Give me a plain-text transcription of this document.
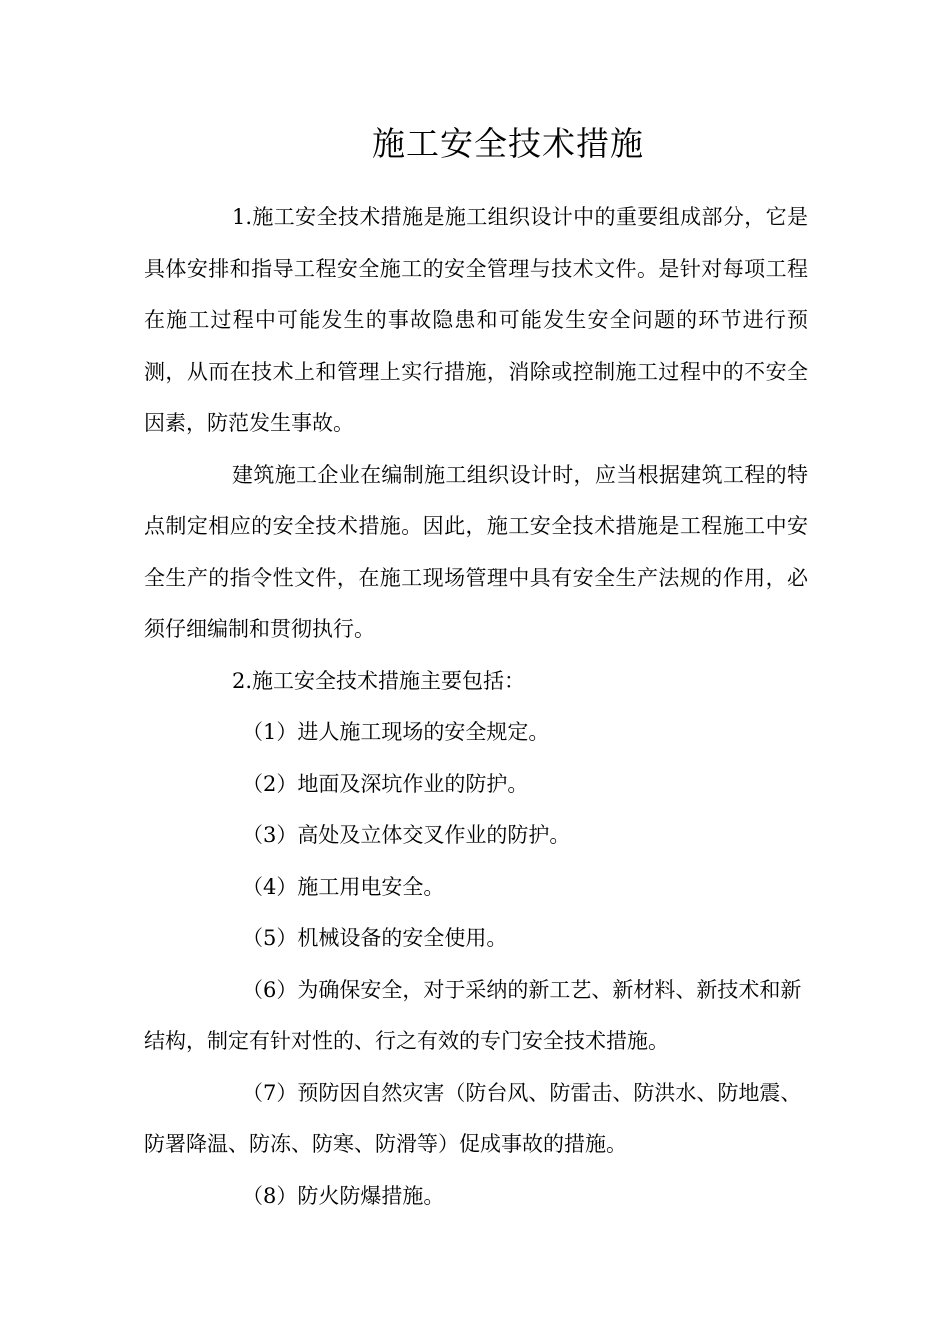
施工安全技术措施

1.施工安全技术措施是施工组织设计中的重要组成部分，它是具体安排和指导工程安全施工的安全管理与技术文件。是针对每项工程在施工过程中可能发生的事故隐患和可能发生安全问题的环节进行预测，从而在技术上和管理上实行措施，消除或控制施工过程中的不安全因素，防范发生事故。

建筑施工企业在编制施工组织设计时，应当根据建筑工程的特点制定相应的安全技术措施。因此，施工安全技术措施是工程施工中安全生产的指令性文件，在施工现场管理中具有安全生产法规的作用，必须仔细编制和贯彻执行。

2.施工安全技术措施主要包括：

（1）进人施工现场的安全规定。

（2）地面及深坑作业的防护。

（3）高处及立体交叉作业的防护。

（4）施工用电安全。

（5）机械设备的安全使用。

（6）为确保安全，对于采纳的新工艺、新材料、新技术和新结构，制定有针对性的、行之有效的专门安全技术措施。

（7）预防因自然灾害（防台风、防雷击、防洪水、防地震、防署降温、防冻、防寒、防滑等）促成事故的措施。

（8）防火防爆措施。
